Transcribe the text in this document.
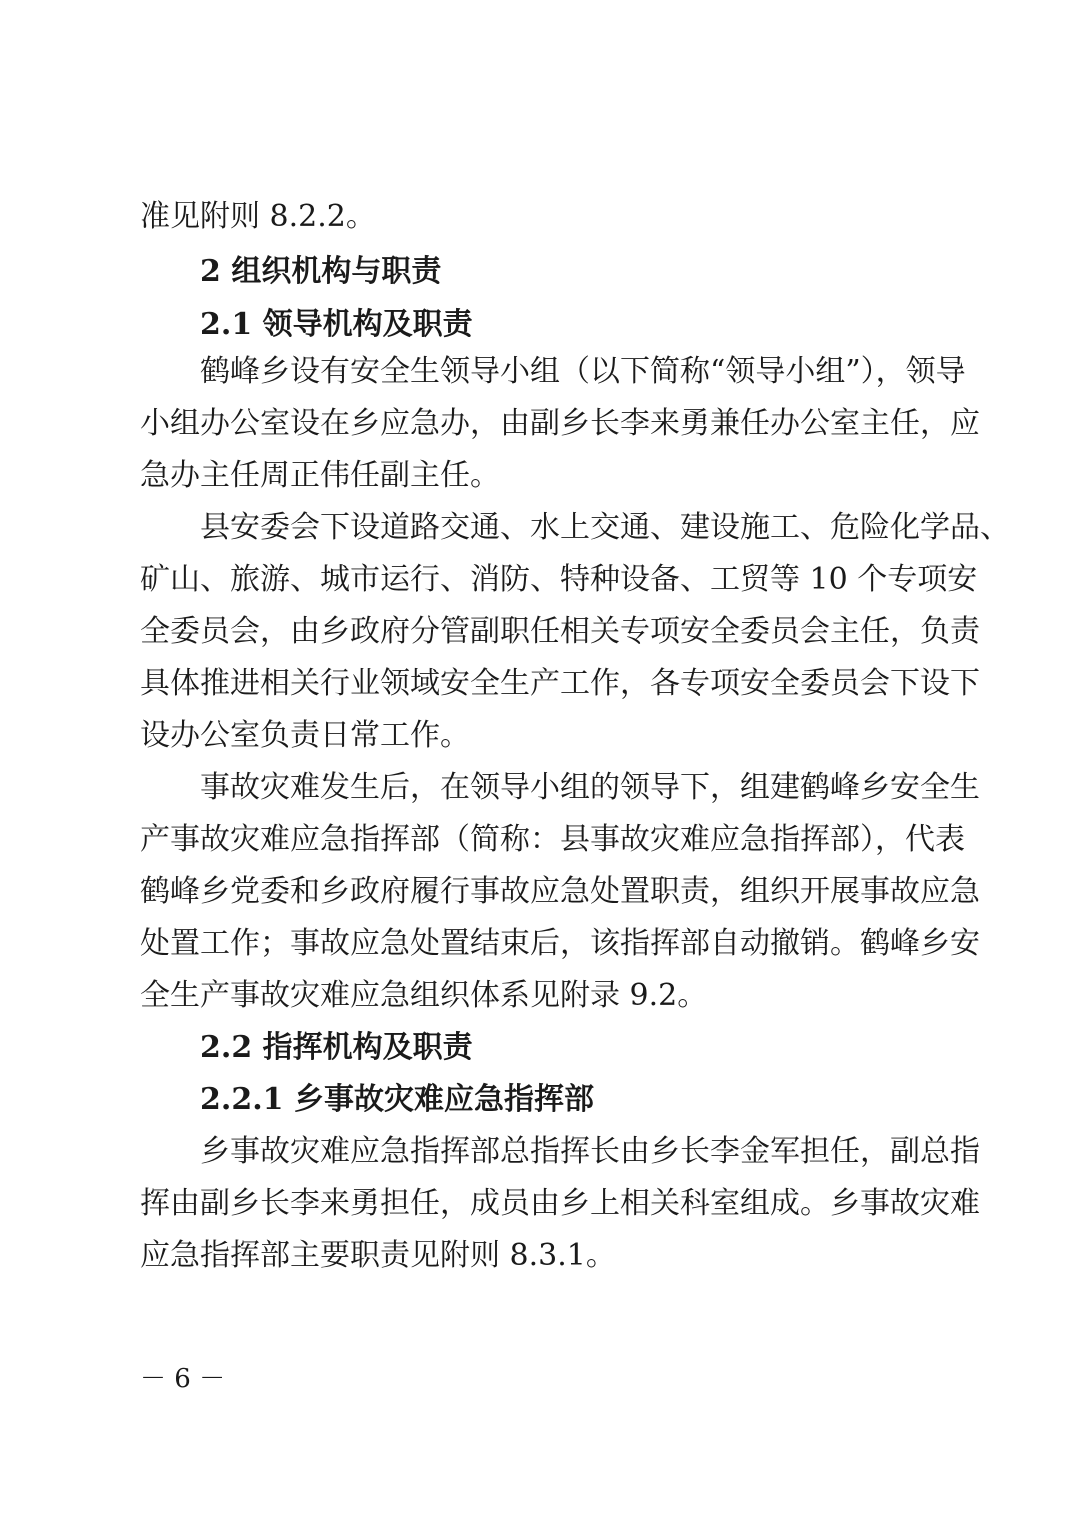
准见附则 8.2.2。
2 组织机构与职责
2.1 领导机构及职责
鹤峰乡设有安全生领导小组（以下简称“领导小组”），领导
小组办公室设在乡应急办，由副乡长李来勇兼任办公室主任，应
急办主任周正伟任副主任。
县安委会下设道路交通、水上交通、建设施工、危险化学品、
矿山、旅游、城市运行、消防、特种设备、工贸等 10 个专项安
全委员会，由乡政府分管副职任相关专项安全委员会主任，负责
具体推进相关行业领域安全生产工作，各专项安全委员会下设下
设办公室负责日常工作。
事故灾难发生后，在领导小组的领导下，组建鹤峰乡安全生
产事故灾难应急指挥部（简称：县事故灾难应急指挥部），代表
鹤峰乡党委和乡政府履行事故应急处置职责，组织开展事故应急
处置工作；事故应急处置结束后，该指挥部自动撤销。鹤峰乡安
全生产事故灾难应急组织体系见附录 9.2。
2.2 指挥机构及职责
2.2.1 乡事故灾难应急指挥部
乡事故灾难应急指挥部总指挥长由乡长李金军担任，副总指
挥由副乡长李来勇担任，成员由乡上相关科室组成。乡事故灾难
应急指挥部主要职责见附则 8.3.1。
－ 6 －
